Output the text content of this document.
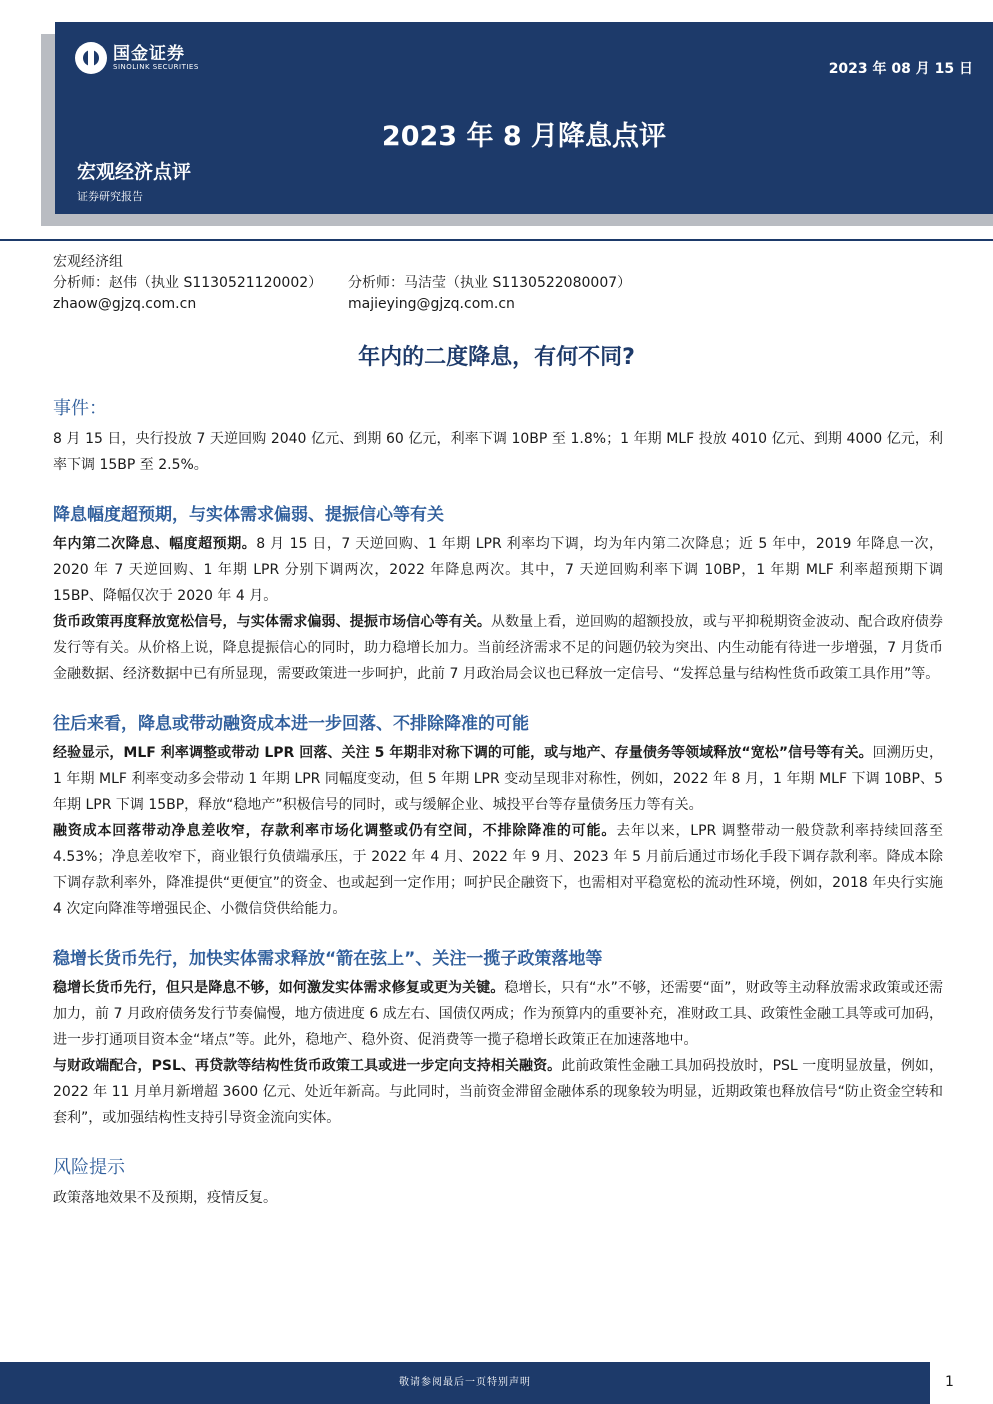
国金证券
SINOLINK SECURITIES	2023 年 08 月 15 日
2023 年 8 月降息点评
宏观经济点评
证券研究报告
宏观经济组
分析师：赵伟（执业 S1130521120002）
zhaow@gjzq.com.cn
分析师：马洁莹（执业 S1130522080007）
majieying@gjzq.com.cn
年内的二度降息，有何不同?
事件：

8 月 15 日，央行投放 7 天逆回购 2040 亿元、到期 60 亿元，利率下调 10BP 至 1.8%；1 年期 MLF 投放 4010 亿元、到期 4000 亿元，利率下调 15BP 至 2.5%。

降息幅度超预期，与实体需求偏弱、提振信心等有关

年内第二次降息、幅度超预期。8 月 15 日，7 天逆回购、1 年期 LPR 利率均下调，均为年内第二次降息；近 5 年中，2019 年降息一次，2020 年 7 天逆回购、1 年期 LPR 分别下调两次，2022 年降息两次。其中，7 天逆回购利率下调 10BP，1 年期 MLF 利率超预期下调 15BP、降幅仅次于 2020 年 4 月。

货币政策再度释放宽松信号，与实体需求偏弱、提振市场信心等有关。从数量上看，逆回购的超额投放，或与平抑税期资金波动、配合政府债券发行等有关。从价格上说，降息提振信心的同时，助力稳增长加力。当前经济需求不足的问题仍较为突出、内生动能有待进一步增强，7 月货币金融数据、经济数据中已有所显现，需要政策进一步呵护，此前 7 月政治局会议也已释放一定信号、“发挥总量与结构性货币政策工具作用”等。

往后来看，降息或带动融资成本进一步回落、不排除降准的可能

经验显示，MLF 利率调整或带动 LPR 回落、关注 5 年期非对称下调的可能，或与地产、存量债务等领域释放“宽松”信号等有关。回溯历史，1 年期 MLF 利率变动多会带动 1 年期 LPR 同幅度变动，但 5 年期 LPR 变动呈现非对称性，例如，2022 年 8 月，1 年期 MLF 下调 10BP、5 年期 LPR 下调 15BP，释放“稳地产”积极信号的同时，或与缓解企业、城投平台等存量债务压力等有关。

融资成本回落带动净息差收窄，存款利率市场化调整或仍有空间，不排除降准的可能。去年以来，LPR 调整带动一般贷款利率持续回落至 4.53%；净息差收窄下，商业银行负债端承压，于 2022 年 4 月、2022 年 9 月、2023 年 5 月前后通过市场化手段下调存款利率。降成本除下调存款利率外，降准提供“更便宜”的资金、也或起到一定作用；呵护民企融资下，也需相对平稳宽松的流动性环境，例如，2018 年央行实施 4 次定向降准等增强民企、小微信贷供给能力。

稳增长货币先行，加快实体需求释放“箭在弦上”、关注一揽子政策落地等

稳增长货币先行，但只是降息不够，如何激发实体需求修复或更为关键。稳增长，只有“水”不够，还需要“面”，财政等主动释放需求政策或还需加力，前 7 月政府债务发行节奏偏慢，地方债进度 6 成左右、国债仅两成；作为预算内的重要补充，准财政工具、政策性金融工具等或可加码，进一步打通项目资本金“堵点”等。此外，稳地产、稳外资、促消费等一揽子稳增长政策正在加速落地中。

与财政端配合，PSL、再贷款等结构性货币政策工具或进一步定向支持相关融资。此前政策性金融工具加码投放时，PSL 一度明显放量，例如，2022 年 11 月单月新增超 3600 亿元、处近年新高。与此同时，当前资金滞留金融体系的现象较为明显，近期政策也释放信号“防止资金空转和套利”，或加强结构性支持引导资金流向实体。

风险提示

政策落地效果不及预期，疫情反复。

敬请参阅最后一页特别声明	1
